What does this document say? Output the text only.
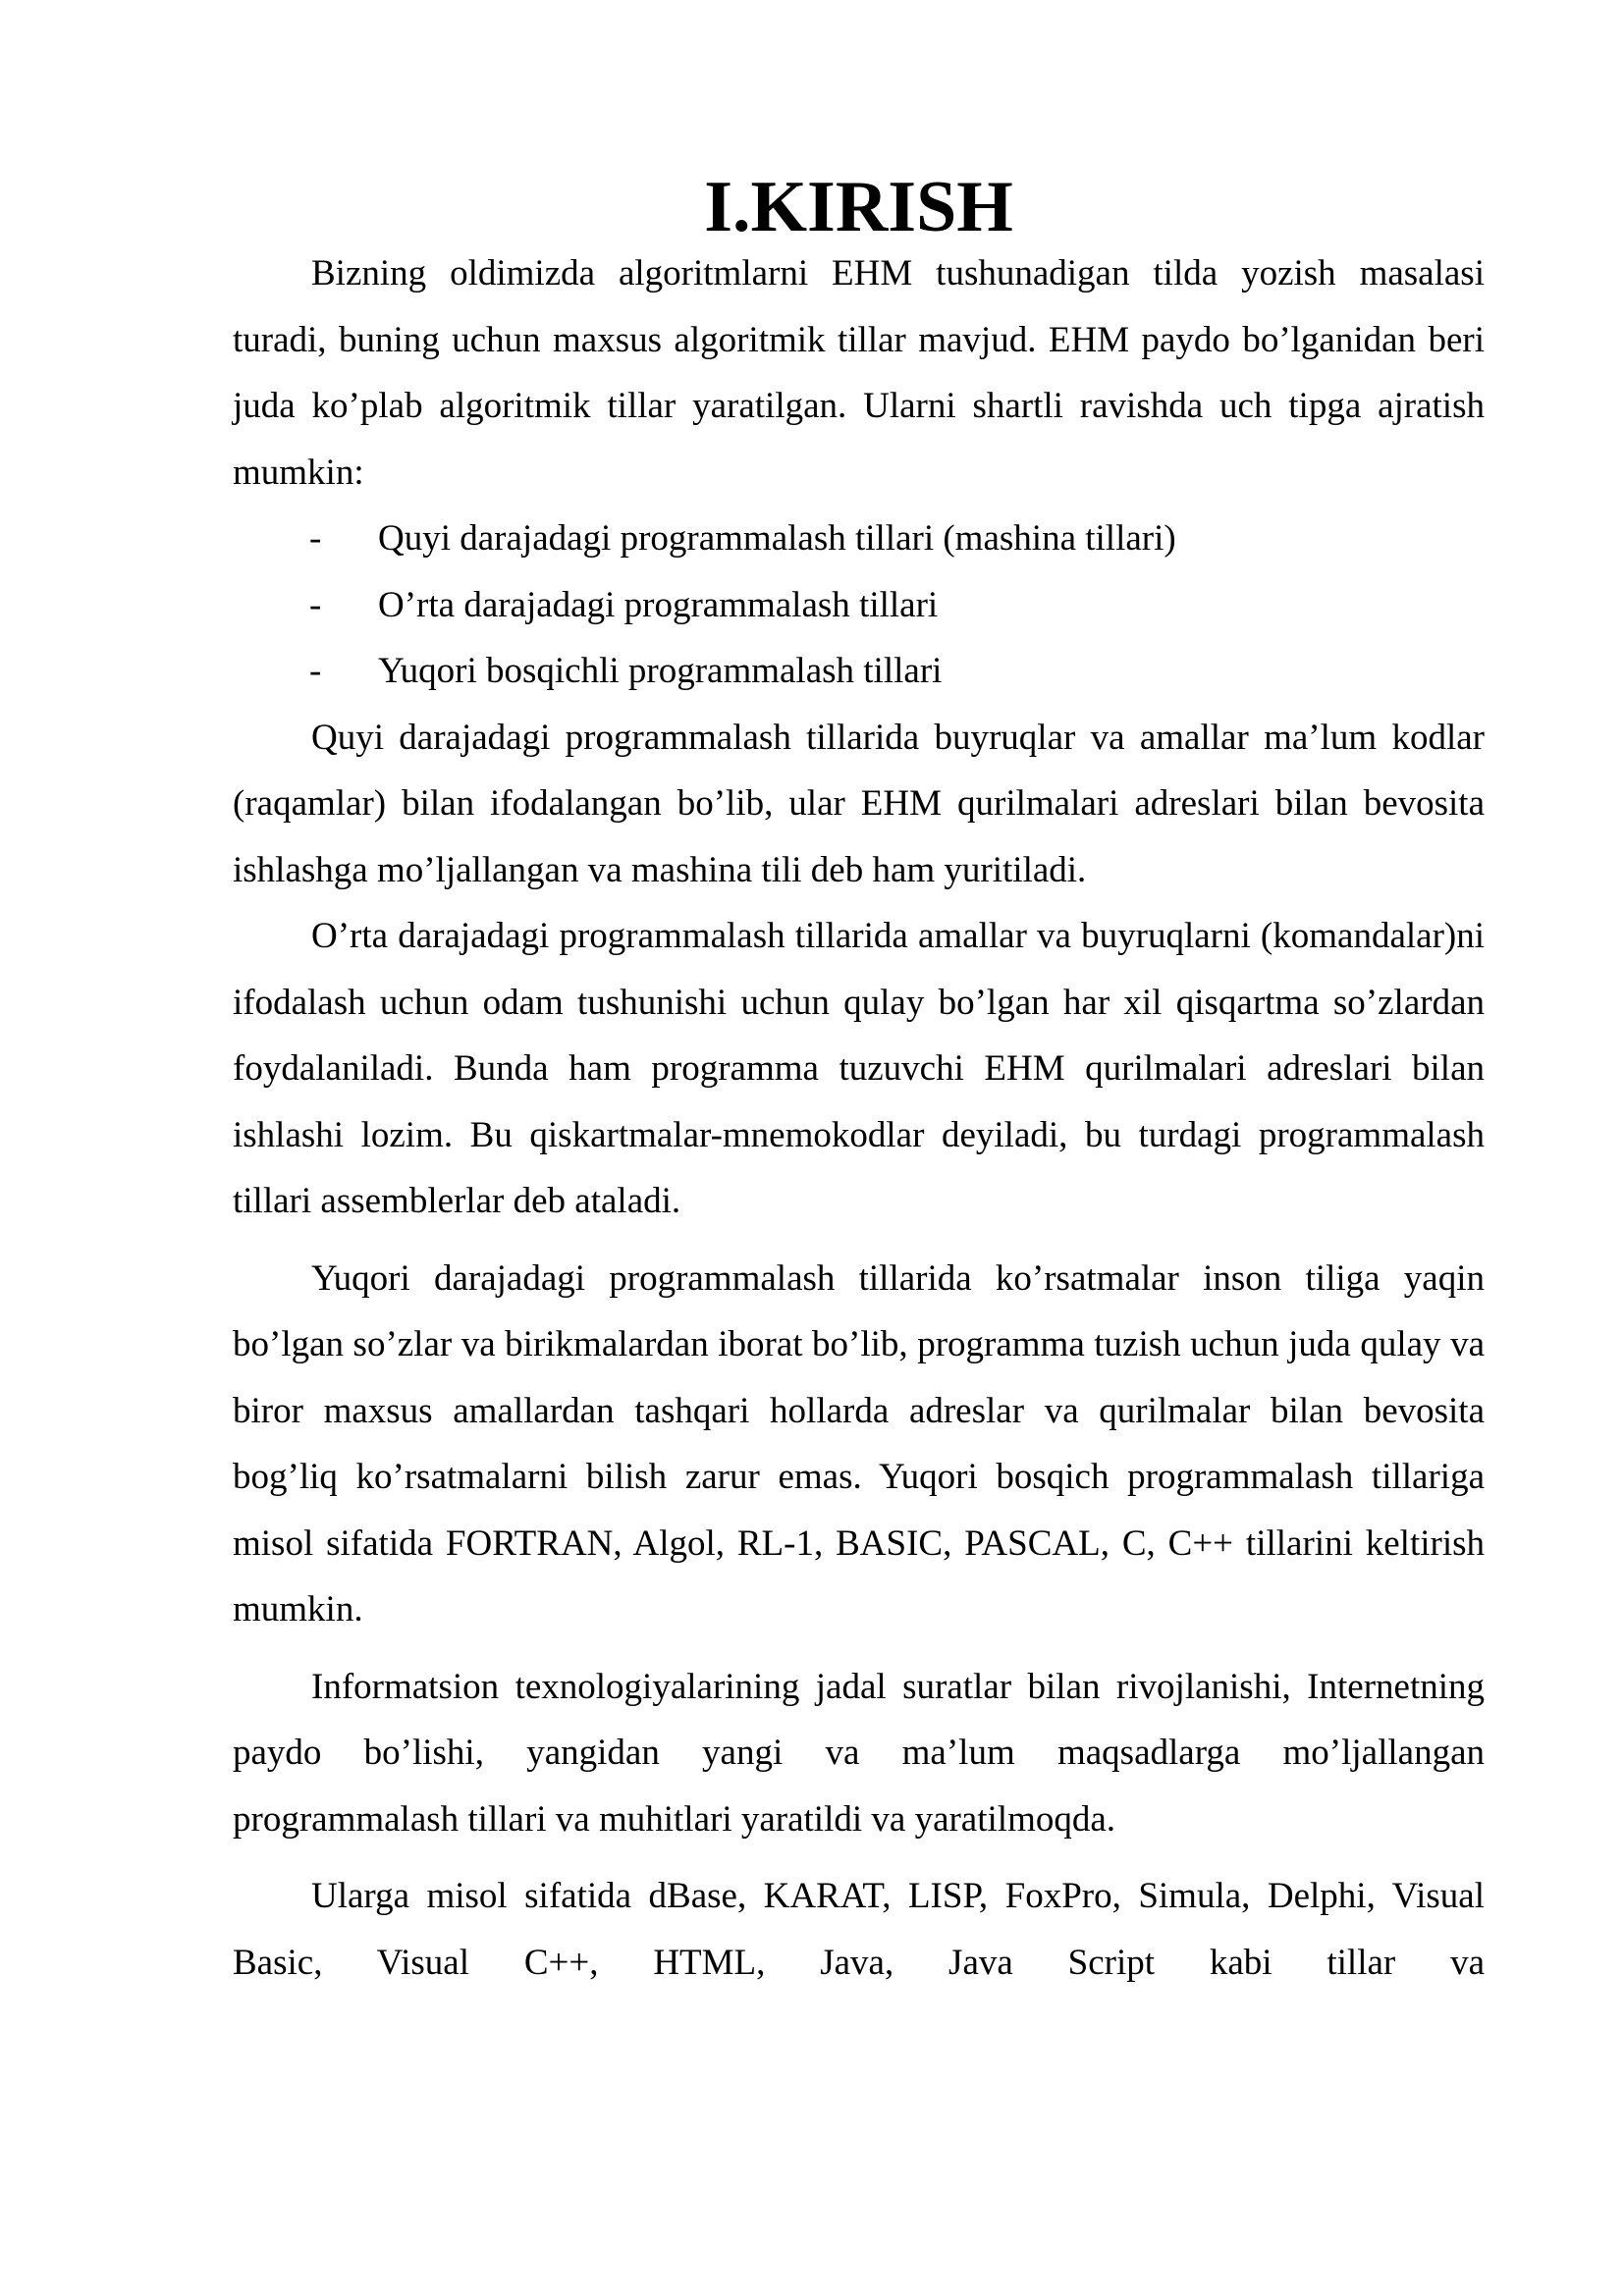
I.KIRISH

Bizning oldimizda algoritmlarni EHM tushunadigan tilda yozish masalasi turadi, buning uchun maxsus algoritmik tillar mavjud. EHM paydo bo’lganidan beri juda ko’plab algoritmik tillar yaratilgan. Ularni shartli ravishda uch tipga ajratish mumkin:

-	Quyi darajadagi programmalash tillari (mashina tillari)
-	O’rta darajadagi programmalash tillari
-	Yuqori bosqichli programmalash tillari

Quyi darajadagi programmalash tillarida buyruqlar va amallar ma’lum kodlar (raqamlar) bilan ifodalangan bo’lib, ular EHM qurilmalari adreslari bilan bevosita ishlashga mo’ljallangan va mashina tili deb ham yuritiladi.

O’rta darajadagi programmalash tillarida amallar va buyruqlarni (komandalar)ni ifodalash uchun odam tushunishi uchun qulay bo’lgan har xil qisqartma so’zlardan foydalaniladi. Bunda ham programma tuzuvchi EHM qurilmalari adreslari bilan ishlashi lozim. Bu qiskartmalar-mnemokodlar deyiladi, bu turdagi programmalash tillari assemblerlar deb ataladi.

Yuqori darajadagi programmalash tillarida ko’rsatmalar inson tiliga yaqin bo’lgan so’zlar va birikmalardan iborat bo’lib, programma tuzish uchun juda qulay va biror maxsus amallardan tashqari hollarda adreslar va qurilmalar bilan bevosita bog’liq ko’rsatmalarni bilish zarur emas. Yuqori bosqich programmalash tillariga misol sifatida FORTRAN, Algol, RL-1, BASIC, PASCAL, C, C++ tillarini keltirish mumkin.

Informatsion texnologiyalarining jadal suratlar bilan rivojlanishi, Internetning paydo bo’lishi, yangidan yangi va ma’lum maqsadlarga mo’ljallangan programmalash tillari va muhitlari yaratildi va yaratilmoqda.

Ularga misol sifatida dBase, KARAT, LISP, FoxPro, Simula, Delphi, Visual Basic, Visual C++, HTML, Java, Java Script kabi tillar va
